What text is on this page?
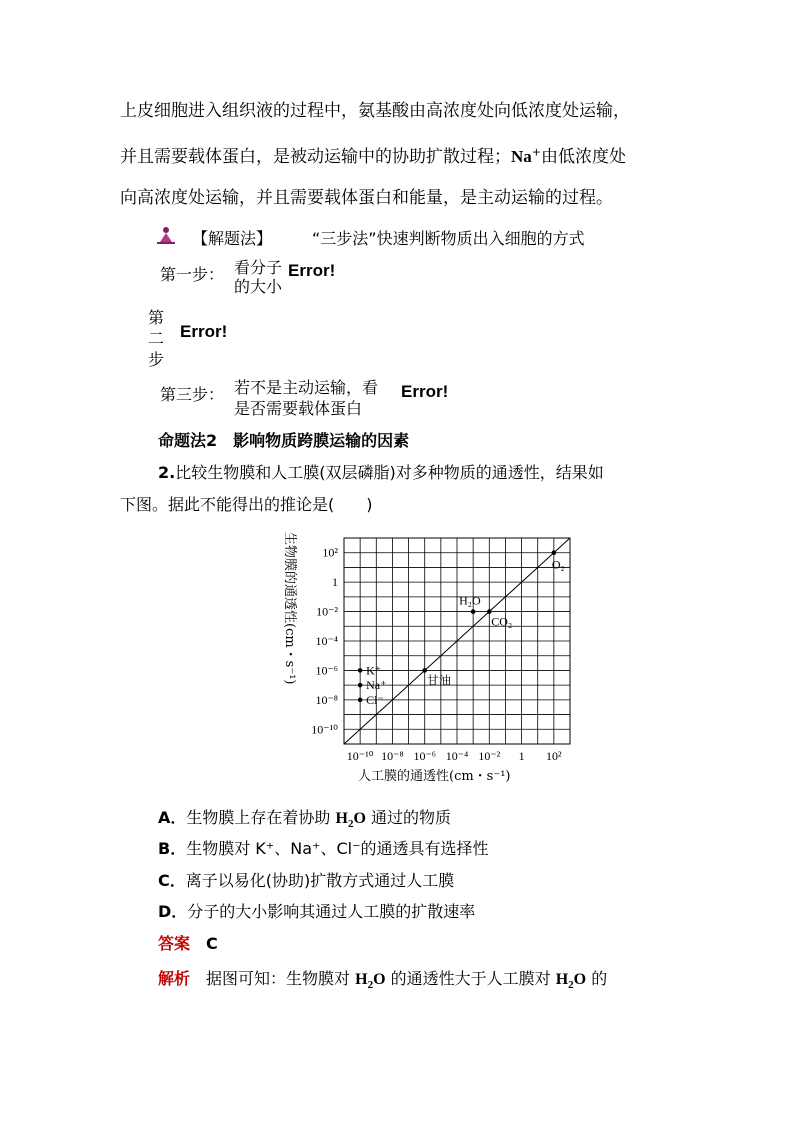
上皮细胞进入组织液的过程中，氨基酸由高浓度处向低浓度处运输，
并且需要载体蛋白，是被动运输中的协助扩散过程；Na+由低浓度处
向高浓度处运输，并且需要载体蛋白和能量，是主动运输的过程。
【解题法】 “三步法”快速判断物质出入细胞的方式
第一步： 看分子
的大小
Error!
第
二
步
Error!
第三步： 若不是主动运输，看
是否需要载体蛋白
Error!
命题法2　影响物质跨膜运输的因素
2.比较生物膜和人工膜(双层磷脂)对多种物质的通透性，结果如
下图。据此不能得出的推论是(　　)
10²
1
10⁻²
10⁻⁴
10⁻⁶
10⁻⁸
10⁻¹⁰
10⁻¹⁰ 10⁻⁸ 10⁻⁶ 10⁻⁴ 10⁻² 1 10²
O₂
H₂O
CO₂
甘油
K⁺
Na⁺
Cl⁻
生物膜的通透性(cm・s⁻¹)
人工膜的通透性(cm・s⁻¹)
A．生物膜上存在着协助 $H_2O$ 通过的物质
B．生物膜对 K⁺、Na⁺、Cl⁻的通透具有选择性
C．离子以易化(协助)扩散方式通过人工膜
D．分子的大小影响其通过人工膜的扩散速率
答案 C
解析 据图可知：生物膜对 $H_2O$ 的通透性大于人工膜对 $H_2O$ 的
